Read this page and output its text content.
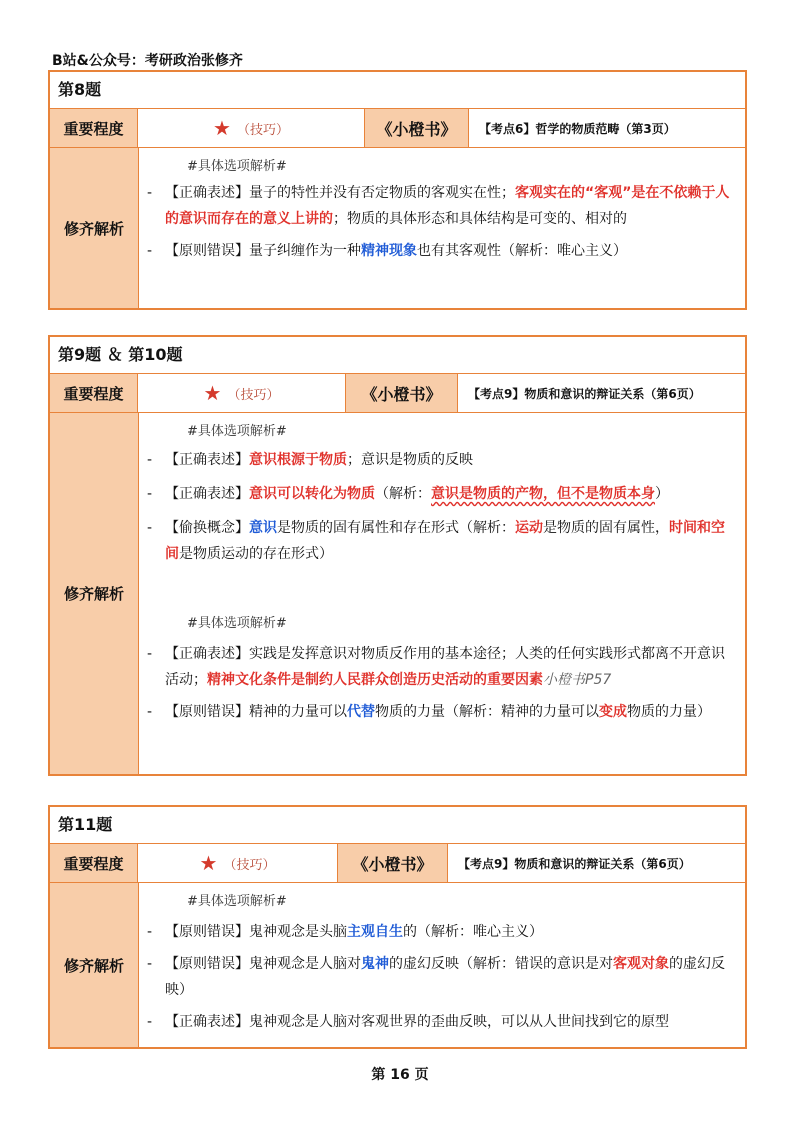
B站&公众号：考研政治张修齐
第8题
重要程度	★ （技巧）	《小橙书》	【考点6】哲学的物质范畴（第3页）
修齐解析
#具体选项解析#
- 【正确表述】量子的特性并没有否定物质的客观实在性；客观实在的“客观”是在不依赖于人的意识而存在的意义上讲的；物质的具体形态和具体结构是可变的、相对的
- 【原则错误】量子纠缠作为一种精神现象也有其客观性（解析：唯心主义）
第9题 ＆ 第10题
重要程度	★ （技巧）	《小橙书》	【考点9】物质和意识的辩证关系（第6页）
修齐解析
#具体选项解析#
- 【正确表述】意识根源于物质；意识是物质的反映
- 【正确表述】意识可以转化为物质（解析：意识是物质的产物，但不是物质本身）
- 【偷换概念】意识是物质的固有属性和存在形式（解析：运动是物质的固有属性，时间和空间是物质运动的存在形式）
#具体选项解析#
- 【正确表述】实践是发挥意识对物质反作用的基本途径；人类的任何实践形式都离不开意识活动；精神文化条件是制约人民群众创造历史活动的重要因素小橙书P57
- 【原则错误】精神的力量可以代替物质的力量（解析：精神的力量可以变成物质的力量）
第11题
重要程度	★ （技巧）	《小橙书》	【考点9】物质和意识的辩证关系（第6页）
修齐解析
#具体选项解析#
- 【原则错误】鬼神观念是头脑主观自生的（解析：唯心主义）
- 【原则错误】鬼神观念是人脑对鬼神的虚幻反映（解析：错误的意识是对客观对象的虚幻反映）
- 【正确表述】鬼神观念是人脑对客观世界的歪曲反映，可以从人世间找到它的原型
第 16 页
